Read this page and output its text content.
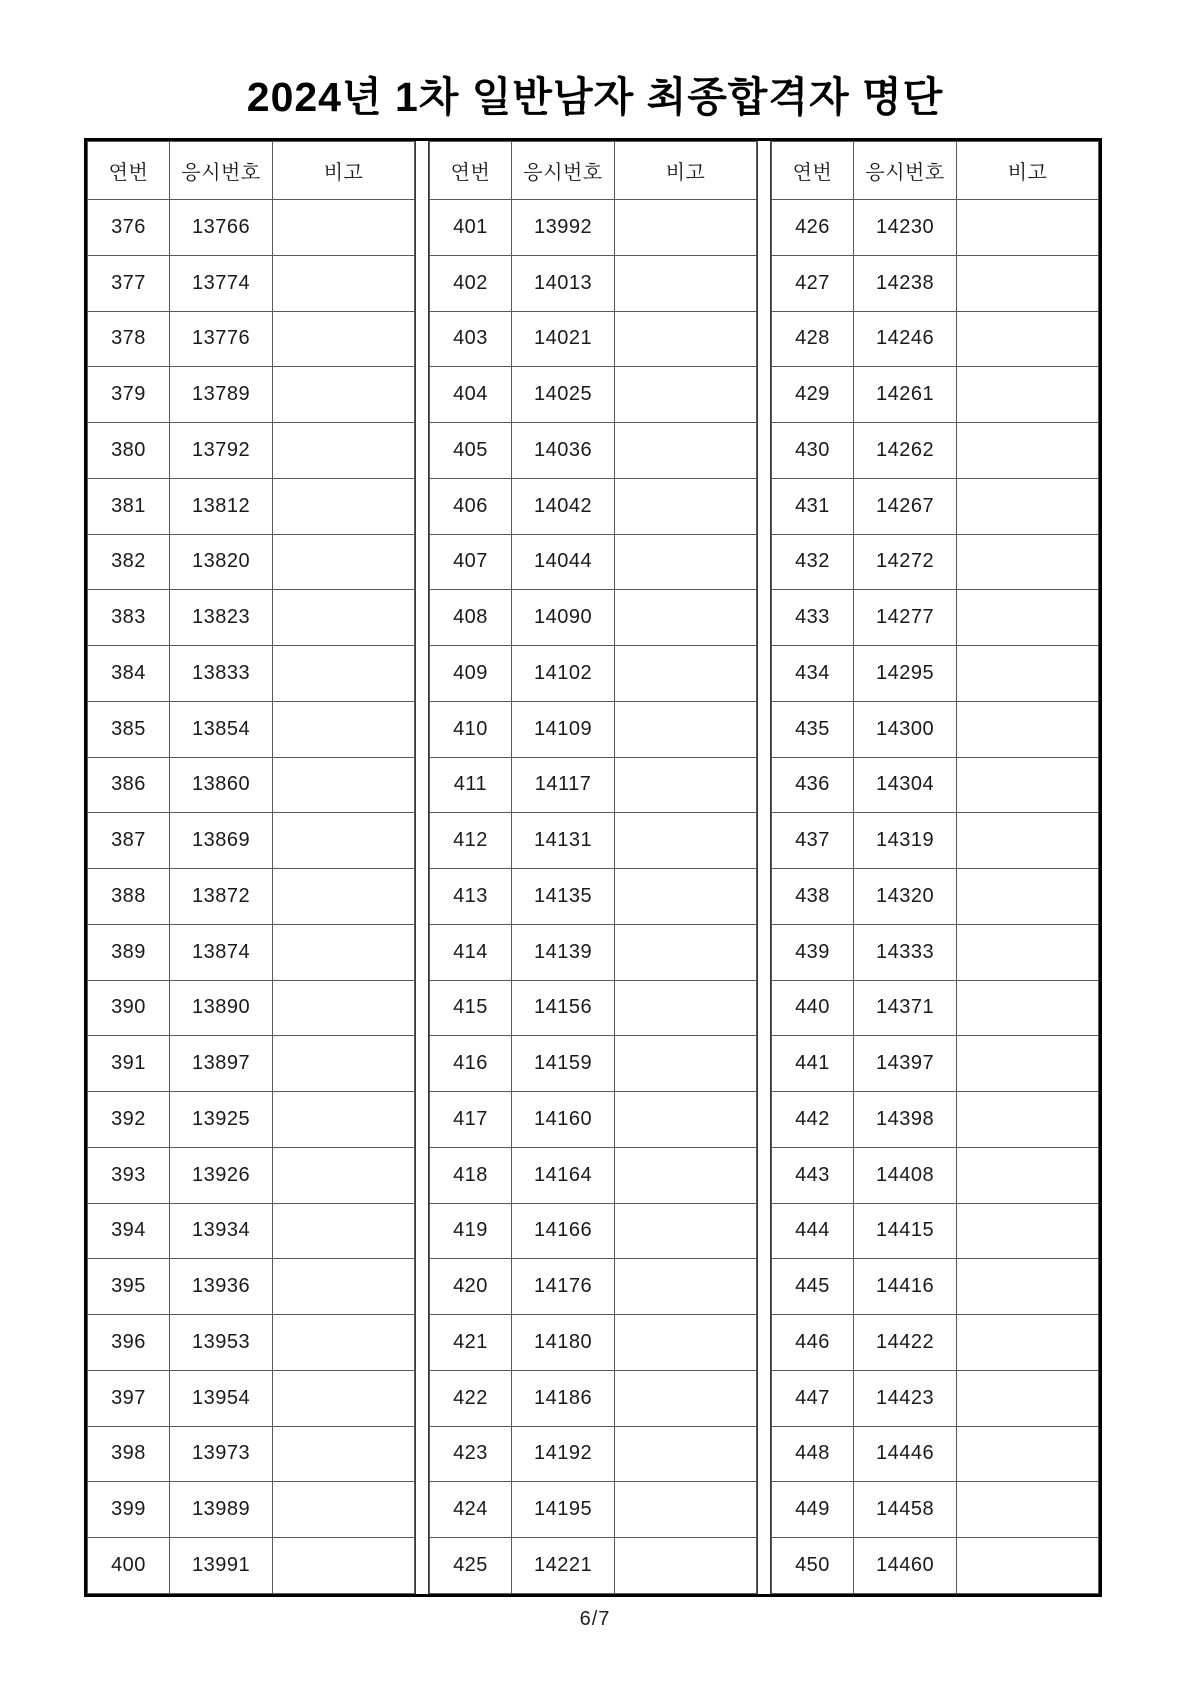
2024년 1차 일반남자 최종합격자 명단
연번	응시번호	비고
376	13766	
377	13774	
378	13776	
379	13789	
380	13792	
381	13812	
382	13820	
383	13823	
384	13833	
385	13854	
386	13860	
387	13869	
388	13872	
389	13874	
390	13890	
391	13897	
392	13925	
393	13926	
394	13934	
395	13936	
396	13953	
397	13954	
398	13973	
399	13989	
400	13991	
연번	응시번호	비고
401	13992	
402	14013	
403	14021	
404	14025	
405	14036	
406	14042	
407	14044	
408	14090	
409	14102	
410	14109	
411	14117	
412	14131	
413	14135	
414	14139	
415	14156	
416	14159	
417	14160	
418	14164	
419	14166	
420	14176	
421	14180	
422	14186	
423	14192	
424	14195	
425	14221	
연번	응시번호	비고
426	14230	
427	14238	
428	14246	
429	14261	
430	14262	
431	14267	
432	14272	
433	14277	
434	14295	
435	14300	
436	14304	
437	14319	
438	14320	
439	14333	
440	14371	
441	14397	
442	14398	
443	14408	
444	14415	
445	14416	
446	14422	
447	14423	
448	14446	
449	14458	
450	14460	
6/7
